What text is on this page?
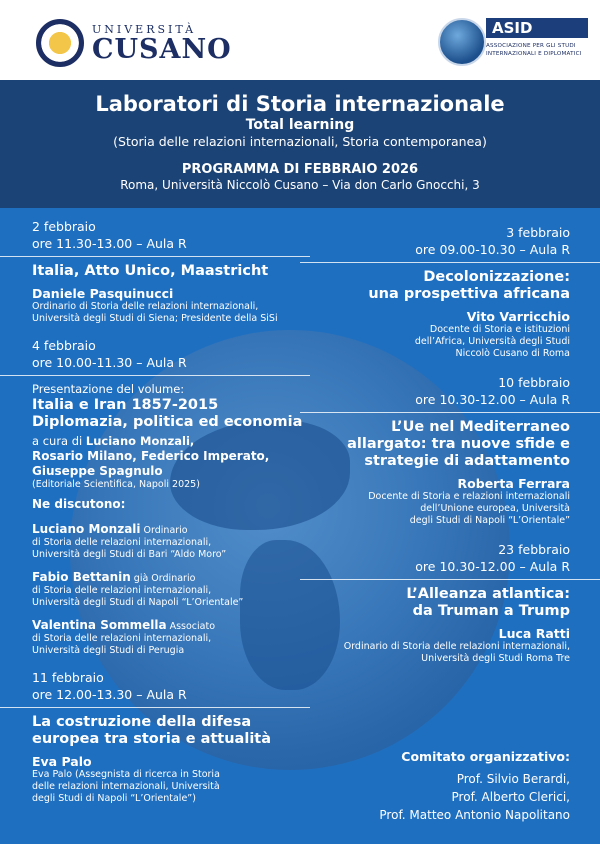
UNIVERSITÀ
CUSANO
ASID
ASSOCIAZIONE PER GLI STUDI INTERNAZIONALI E DIPLOMATICI
Laboratori di Storia internazionale
Total learning
(Storia delle relazioni internazionali, Storia contemporanea)
PROGRAMMA DI FEBBRAIO 2026
Roma, Università Niccolò Cusano – Via don Carlo Gnocchi, 3
2 febbraio
ore 11.30-13.00 – Aula R
Italia, Atto Unico, Maastricht
Daniele Pasquinucci
Ordinario di Storia delle relazioni internazionali,
Università degli Studi di Siena; Presidente della SiSi
4 febbraio
ore 10.00-11.30 – Aula R
Presentazione del volume:
Italia e Iran 1857-2015
Diplomazia, politica ed economia
a cura di Luciano Monzali,
Rosario Milano, Federico Imperato,
Giuseppe Spagnulo
(Editoriale Scientifica, Napoli 2025)
Ne discutono:
Luciano Monzali Ordinario
di Storia delle relazioni internazionali,
Università degli Studi di Bari “Aldo Moro”
Fabio Bettanin già Ordinario
di Storia delle relazioni internazionali,
Università degli Studi di Napoli “L’Orientale”
Valentina Sommella Associato
di Storia delle relazioni internazionali,
Università degli Studi di Perugia
11 febbraio
ore 12.00-13.30 – Aula R
La costruzione della difesa
europea tra storia e attualità
Eva Palo
Eva Palo (Assegnista di ricerca in Storia
delle relazioni internazionali, Università
degli Studi di Napoli “L’Orientale”)
3 febbraio
ore 09.00-10.30 – Aula R
Decolonizzazione:
una prospettiva africana
Vito Varricchio
Docente di Storia e istituzioni
dell’Africa, Università degli Studi
Niccolò Cusano di Roma
10 febbraio
ore 10.30-12.00 – Aula R
L’Ue nel Mediterraneo
allargato: tra nuove sfide e
strategie di adattamento
Roberta Ferrara
Docente di Storia e relazioni internazionali
dell’Unione europea, Università
degli Studi di Napoli “L’Orientale”
23 febbraio
ore 10.30-12.00 – Aula R
L’Alleanza atlantica:
da Truman a Trump
Luca Ratti
Ordinario di Storia delle relazioni internazionali,
Università degli Studi Roma Tre
Comitato organizzativo:
Prof. Silvio Berardi,
Prof. Alberto Clerici,
Prof. Matteo Antonio Napolitano
